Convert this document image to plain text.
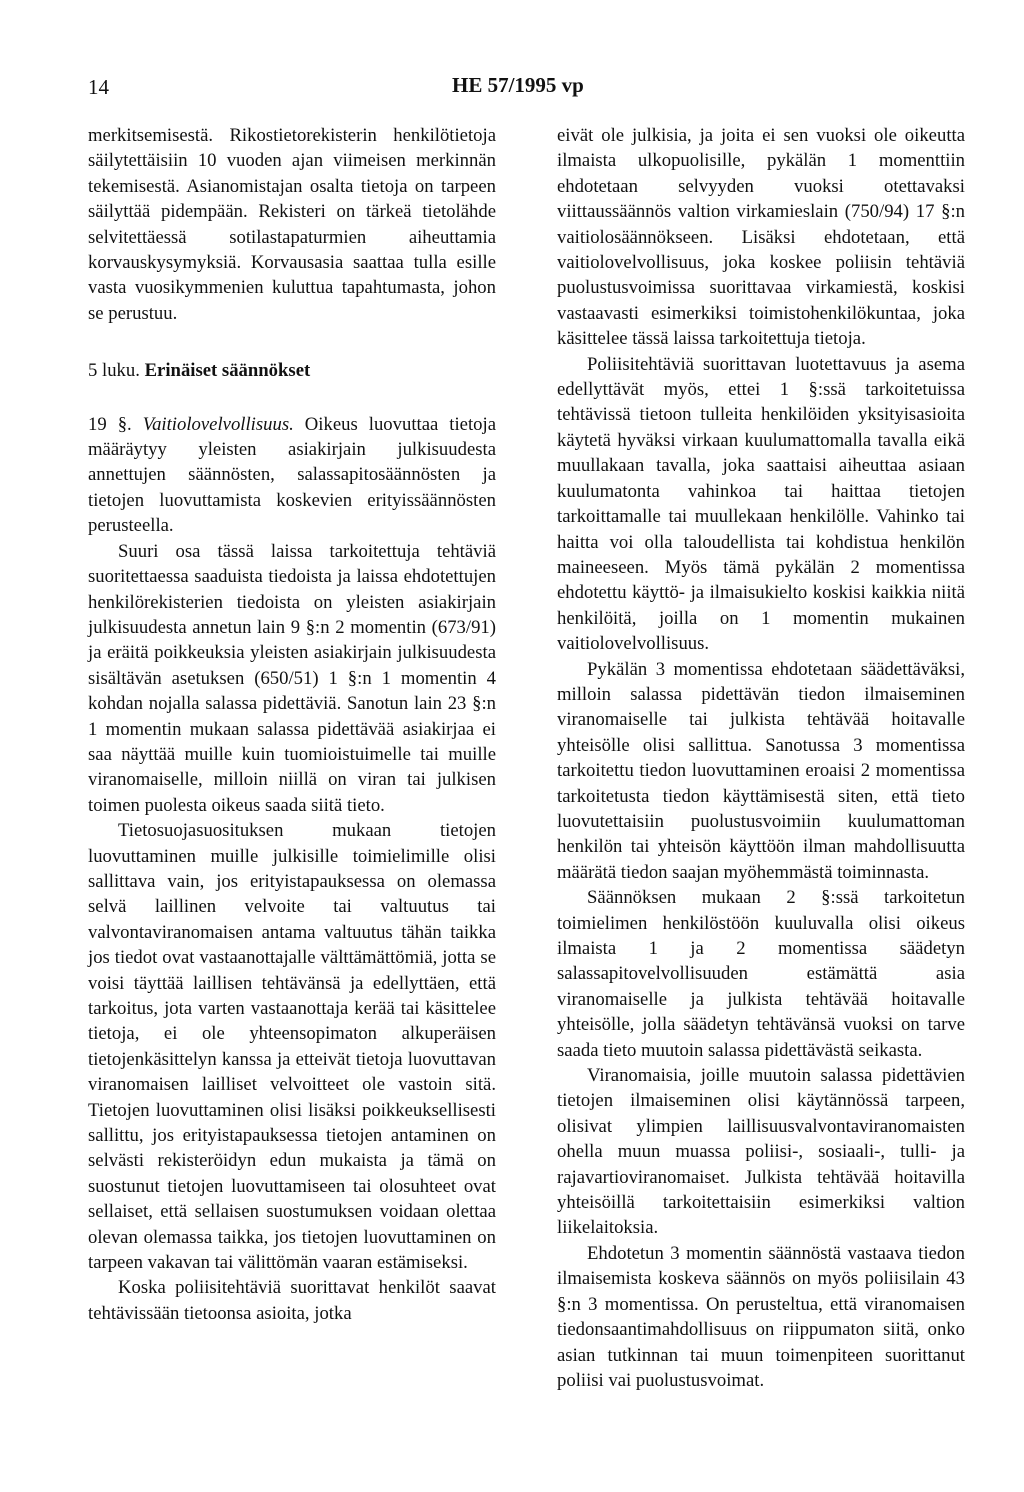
14	HE 57/1995 vp

merkitsemisestä. Rikostietorekisterin henkilötietoja säilytettäisiin 10 vuoden ajan viimeisen merkinnän tekemisestä. Asianomistajan osalta tietoja on tarpeen säilyttää pidempään. Rekisteri on tärkeä tietolähde selvitettäessä sotilastapaturmien aiheuttamia korvauskysymyksiä. Korvausasia saattaa tulla esille vasta vuosikymmenien kuluttua tapahtumasta, johon se perustuu.

5 luku. Erinäiset säännökset

19 §. Vaitiolovelvollisuus. Oikeus luovuttaa tietoja määräytyy yleisten asiakirjain julkisuudesta annettujen säännösten, salassapitosäännösten ja tietojen luovuttamista koskevien erityissäännösten perusteella.

Suuri osa tässä laissa tarkoitettuja tehtäviä suoritettaessa saaduista tiedoista ja laissa ehdotettujen henkilörekisterien tiedoista on yleisten asiakirjain julkisuudesta annetun lain 9 §:n 2 momentin (673/91) ja eräitä poikkeuksia yleisten asiakirjain julkisuudesta sisältävän asetuksen (650/51) 1 §:n 1 momentin 4 kohdan nojalla salassa pidettäviä. Sanotun lain 23 §:n 1 momentin mukaan salassa pidettävää asiakirjaa ei saa näyttää muille kuin tuomioistuimelle tai muille viranomaiselle, milloin niillä on viran tai julkisen toimen puolesta oikeus saada siitä tieto.

Tietosuojasuosituksen mukaan tietojen luovuttaminen muille julkisille toimielimille olisi sallittava vain, jos erityistapauksessa on olemassa selvä laillinen velvoite tai valtuutus tai valvontaviranomaisen antama valtuutus tähän taikka jos tiedot ovat vastaanottajalle välttämättömiä, jotta se voisi täyttää laillisen tehtävänsä ja edellyttäen, että tarkoitus, jota varten vastaanottaja kerää tai käsittelee tietoja, ei ole yhteensopimaton alkuperäisen tietojenkäsittelyn kanssa ja etteivät tietoja luovuttavan viranomaisen lailliset velvoitteet ole vastoin sitä. Tietojen luovuttaminen olisi lisäksi poikkeuksellisesti sallittu, jos erityistapauksessa tietojen antaminen on selvästi rekisteröidyn edun mukaista ja tämä on suostunut tietojen luovuttamiseen tai olosuhteet ovat sellaiset, että sellaisen suostumuksen voidaan olettaa olevan olemassa taikka, jos tietojen luovuttaminen on tarpeen vakavan tai välittömän vaaran estämiseksi.

Koska poliisitehtäviä suorittavat henkilöt saavat tehtävissään tietoonsa asioita, jotka

eivät ole julkisia, ja joita ei sen vuoksi ole oikeutta ilmaista ulkopuolisille, pykälän 1 momenttiin ehdotetaan selvyyden vuoksi otettavaksi viittaussäännös valtion virkamieslain (750/94) 17 §:n vaitiolosäännökseen. Lisäksi ehdotetaan, että vaitiolovelvollisuus, joka koskee poliisin tehtäviä puolustusvoimissa suorittavaa virkamiestä, koskisi vastaavasti esimerkiksi toimistohenkilökuntaa, joka käsittelee tässä laissa tarkoitettuja tietoja.

Poliisitehtäviä suorittavan luotettavuus ja asema edellyttävät myös, ettei 1 §:ssä tarkoitetuissa tehtävissä tietoon tulleita henkilöiden yksityisasioita käytetä hyväksi virkaan kuulumattomalla tavalla eikä muullakaan tavalla, joka saattaisi aiheuttaa asiaan kuulumatonta vahinkoa tai haittaa tietojen tarkoittamalle tai muullekaan henkilölle. Vahinko tai haitta voi olla taloudellista tai kohdistua henkilön maineeseen. Myös tämä pykälän 2 momentissa ehdotettu käyttö- ja ilmaisukielto koskisi kaikkia niitä henkilöitä, joilla on 1 momentin mukainen vaitiolovelvollisuus.

Pykälän 3 momentissa ehdotetaan säädettäväksi, milloin salassa pidettävän tiedon ilmaiseminen viranomaiselle tai julkista tehtävää hoitavalle yhteisölle olisi sallittua. Sanotussa 3 momentissa tarkoitettu tiedon luovuttaminen eroaisi 2 momentissa tarkoitetusta tiedon käyttämisestä siten, että tieto luovutettaisiin puolustusvoimiin kuulumattoman henkilön tai yhteisön käyttöön ilman mahdollisuutta määrätä tiedon saajan myöhemmästä toiminnasta.

Säännöksen mukaan 2 §:ssä tarkoitetun toimielimen henkilöstöön kuuluvalla olisi oikeus ilmaista 1 ja 2 momentissa säädetyn salassapitovelvollisuuden estämättä asia viranomaiselle ja julkista tehtävää hoitavalle yhteisölle, jolla säädetyn tehtävänsä vuoksi on tarve saada tieto muutoin salassa pidettävästä seikasta.

Viranomaisia, joille muutoin salassa pidettävien tietojen ilmaiseminen olisi käytännössä tarpeen, olisivat ylimpien laillisuusvalvontaviranomaisten ohella muun muassa poliisi-, sosiaali-, tulli- ja rajavartioviranomaiset. Julkista tehtävää hoitavilla yhteisöillä tarkoitettaisiin esimerkiksi valtion liikelaitoksia.

Ehdotetun 3 momentin säännöstä vastaava tiedon ilmaisemista koskeva säännös on myös poliisilain 43 §:n 3 momentissa. On perusteltua, että viranomaisen tiedonsaantimahdollisuus on riippumaton siitä, onko asian tutkinnan tai muun toimenpiteen suorittanut poliisi vai puolustusvoimat.
